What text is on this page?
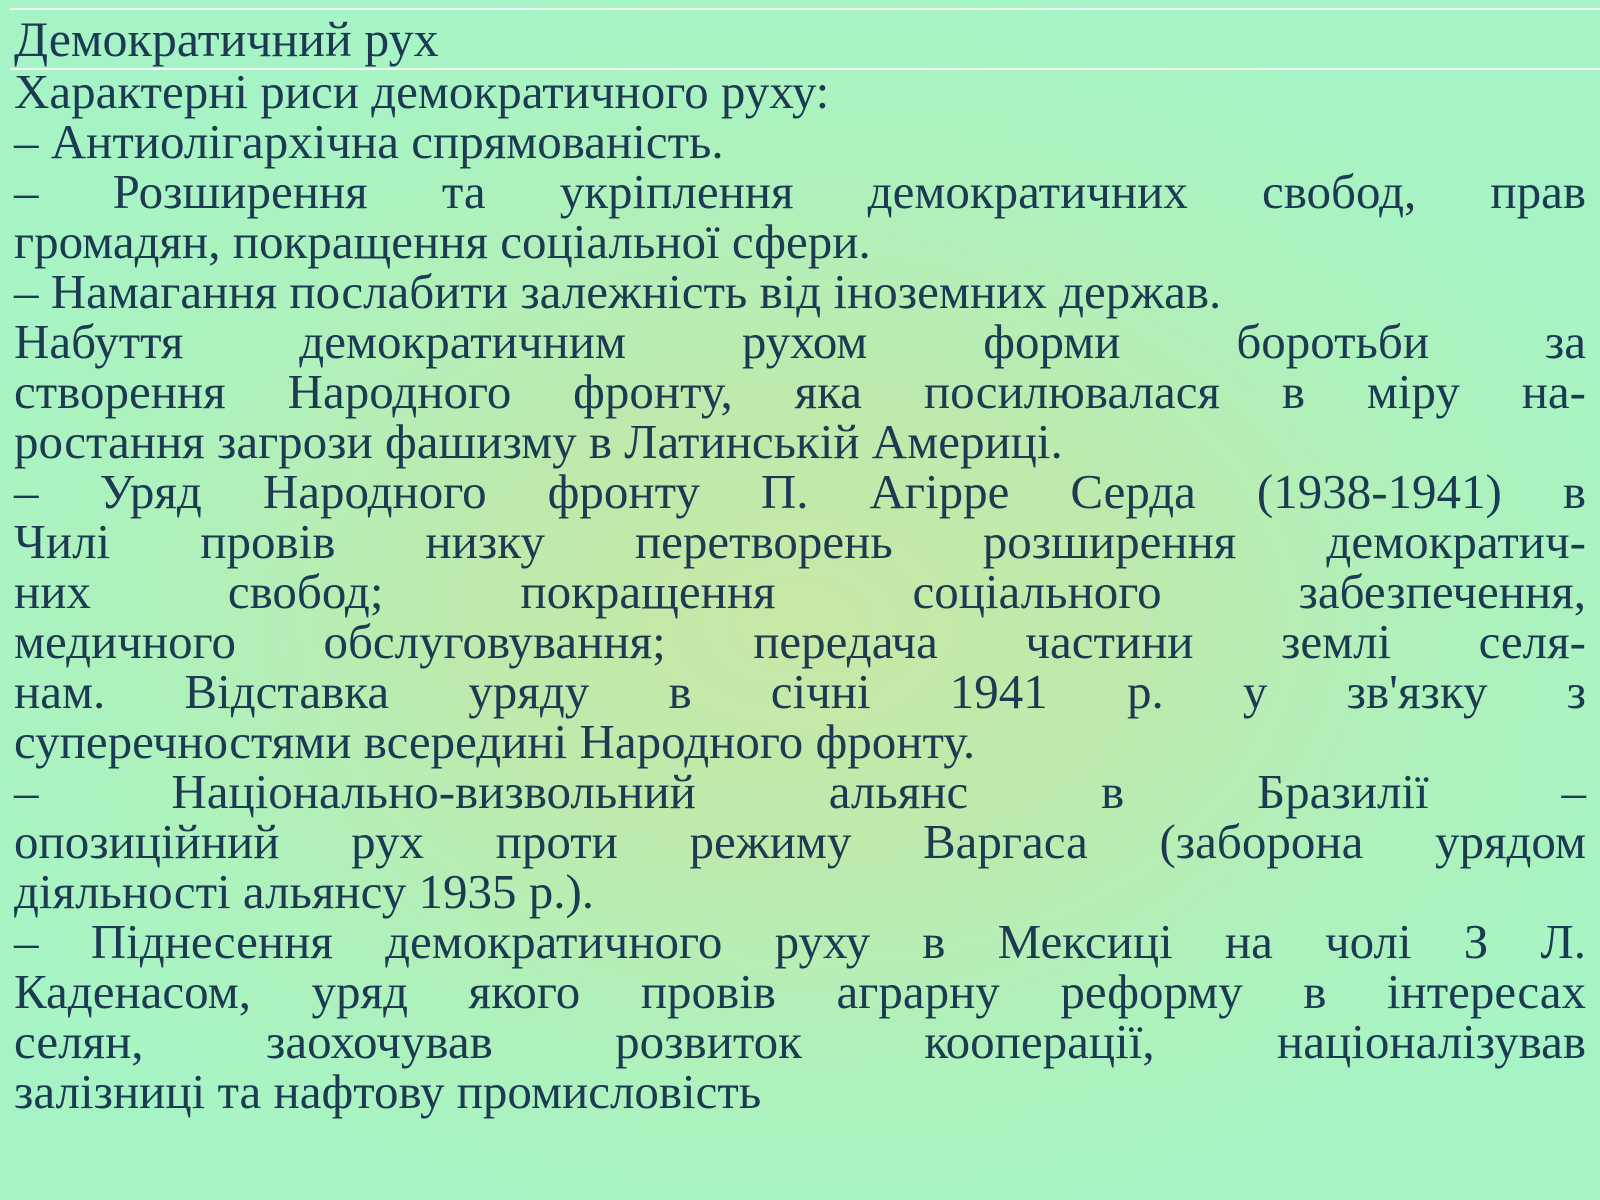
Демократичний рух
Характерні риси демократичного руху:
– Антиолігархічна спрямованість.
– Розширення та укріплення демократичних свобод, прав
громадян, покращення соціальної сфери.
– Намагання послабити залежність від іноземних держав.
Набуття демократичним рухом форми боротьби за
створення Народного фронту, яка посилювалася в міру на-
ростання загрози фашизму в Латинській Америці.
– Уряд Народного фронту П. Агірре Серда (1938-1941) в
Чилі провів низку перетворень розширення демократич-
них свобод; покращення соціального забезпечення,
медичного обслуговування; передача частини землі селя-
нам. Відставка уряду в січні 1941 р. у зв'язку з
суперечностями всередині Народного фронту.
– Національно-визвольний альянс в Бразилії –
опозиційний рух проти режиму Варгаса (заборона урядом
діяльності альянсу 1935 р.).
– Піднесення демократичного руху в Мексиці на чолі З Л.
Каденасом, уряд якого провів аграрну реформу в інтересах
селян, заохочував розвиток кооперації, націоналізував
залізниці та нафтову промисловість
